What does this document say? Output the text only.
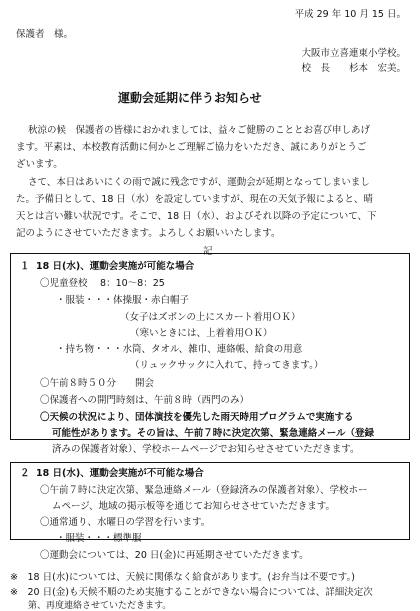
平成 29 年 10 月 15 日。
保護者　様。
大阪市立喜連東小学校。
校　長　　杉本　宏美。
運動会延期に伴うお知らせ
秋涼の候　保護者の皆様におかれましては、益々ご健勝のこととお喜び申しあげ
ます。平素は、本校教育活動に何かとご理解ご協力をいただき、誠にありがとうご
ざいます。
さて、本日はあいにくの雨で誠に残念ですが、運動会が延期となってしまいまし
た。予備日として、18 日（水）を設定していますが、現在の天気予報によると、晴
天とは言い難い状況です。そこで、18 日（水）、およびそれ以降の予定について、下
記のようにさせていただきます。よろしくお願いいたします。
記
１ 18 日(水)、運動会実施が可能な場合
〇児童登校　 8：10～8：25
・服装・・・体操服・赤白帽子
（女子はズボンの上にスカート着用ＯＫ）
（寒いときには、上着着用ＯＫ）
・持ち物・・・水筒、タオル、雑巾、連絡帳、給食の用意
（リュックサックに入れて、持ってきます。）
〇午前８時５０分　　開会
〇保護者への開門時刻は、午前８時（西門のみ）
〇天候の状況により、団体演技を優先した雨天時用プログラムで実施する
可能性があります。その旨は、午前７時に決定次第、緊急連絡メール（登録
済みの保護者対象）、学校ホームページでお知らせさせていただきます。
２ 18 日(水)、運動会実施が不可能な場合
〇午前７時に決定次第、緊急連絡メール（登録済みの保護者対象）、学校ホー
ムページ、地域の掲示板等を通じてお知らせさせていただきます。
〇通常通り、水曜日の学習を行います。
・服装・・・標準服
〇運動会については、20 日(金)に再延期させていただきます。
※　18 日(水)については、天候に関係なく給食があります。(お弁当は不要です。)
※　20 日(金)も天候不順のため実施することができない場合については、詳細決定次
第、再度連絡させていただきます。
